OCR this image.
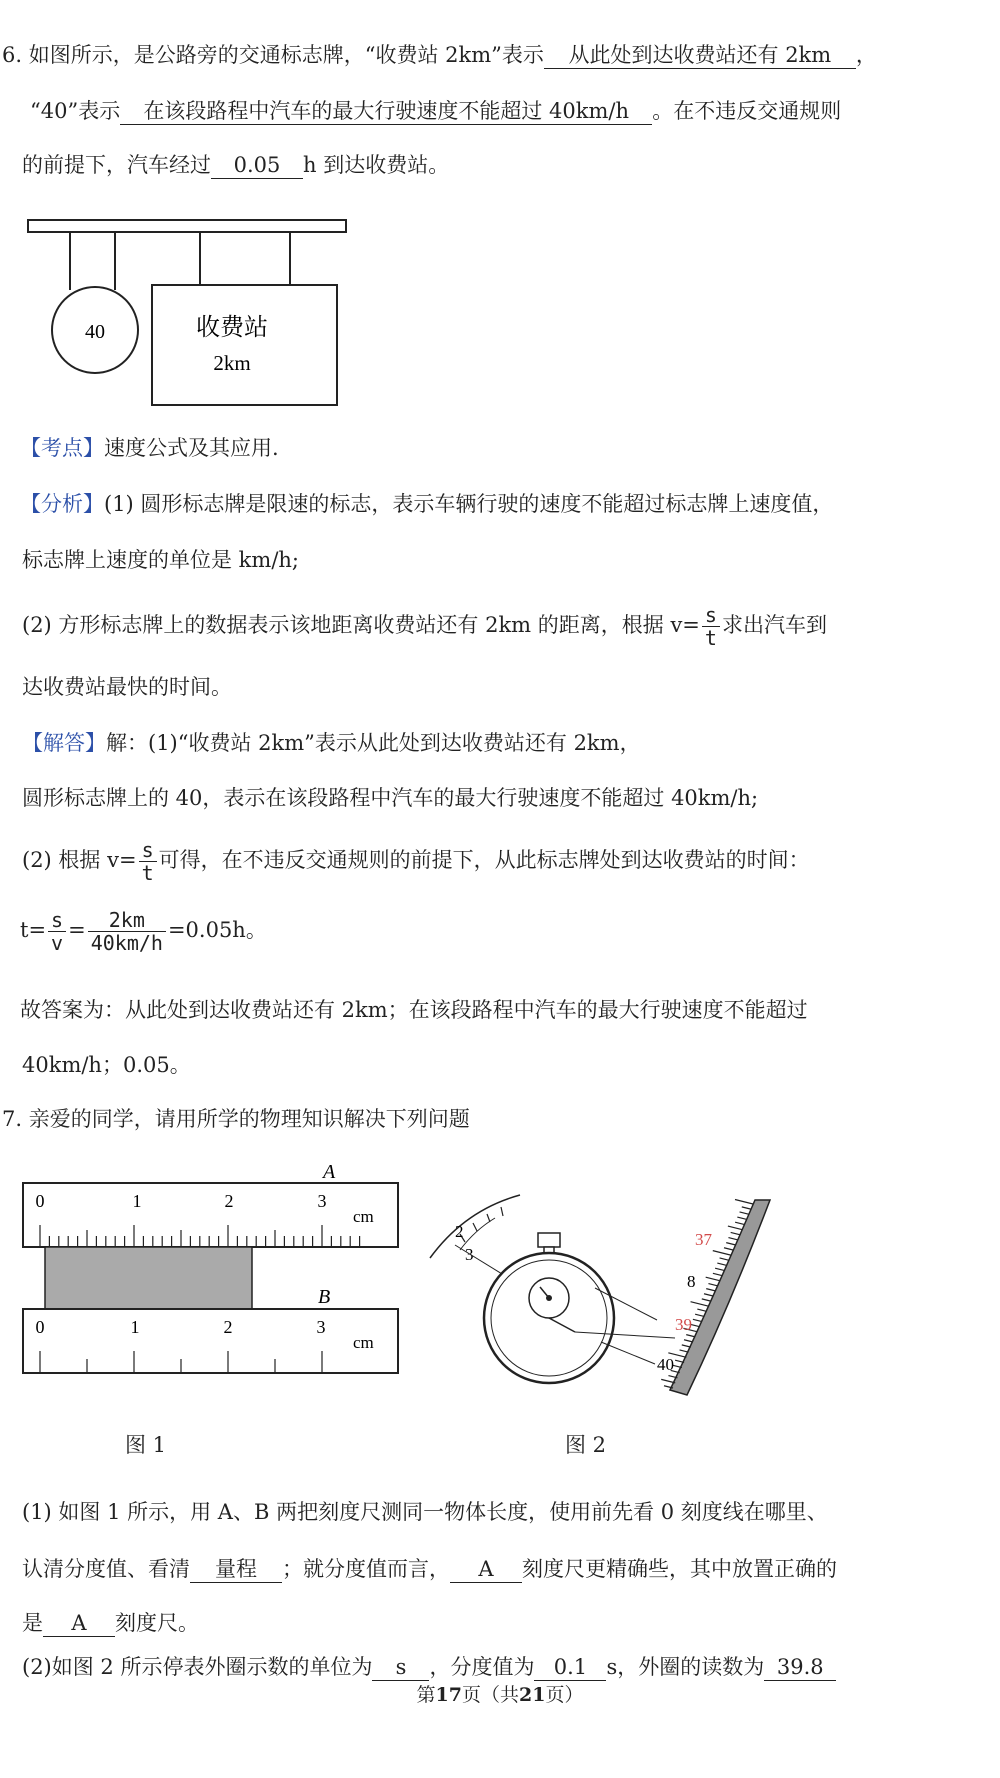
6. 如图所示，是公路旁的交通标志牌，“收费站 2km”表示 从此处到达收费站还有 2km ，
“40”表示 在该段路程中汽车的最大行驶速度不能超过 40km/h 。在不违反交通规则
的前提下，汽车经过 0.05 h 到达收费站。
40	收费站
2km
【考点】速度公式及其应用.
【分析】(1) 圆形标志牌是限速的标志，表示车辆行驶的速度不能超过标志牌上速度值，
标志牌上速度的单位是 km/h;
(2) 方形标志牌上的数据表示该地距离收费站还有 2km 的距离，根据 $v= \frac{s}{t}$ 求出汽车到
达收费站最快的时间。
【解答】解：(1)“收费站 2km”表示从此处到达收费站还有 2km，
圆形标志牌上的 40，表示在该段路程中汽车的最大行驶速度不能超过 40km/h;
(2) 根据 $v= \frac{s}{t}$ 可得，在不违反交通规则的前提下，从此标志牌处到达收费站的时间：
$t= \frac{s}{v} = \frac{2km}{40km/h} =0.05h$。
故答案为：从此处到达收费站还有 2km；在该段路程中汽车的最大行驶速度不能超过
40km/h；0.05。
7. 亲爱的同学，请用所学的物理知识解决下列问题
A
B
0	1	2	3
cm
0	1	2	3
cm
2
3
37
8
39
40
图 1	图 2
(1) 如图 1 所示，用 A、B 两把刻度尺测同一物体长度，使用前先看 0 刻度线在哪里、
认清分度值、看清 量程 ；就分度值而言， A 刻度尺更精确些，其中放置正确的
是 A 刻度尺。
(2)如图 2 所示停表外圈示数的单位为 s ，分度值为 0.1 s，外圈的读数为 39.8
第17页（共21页）
